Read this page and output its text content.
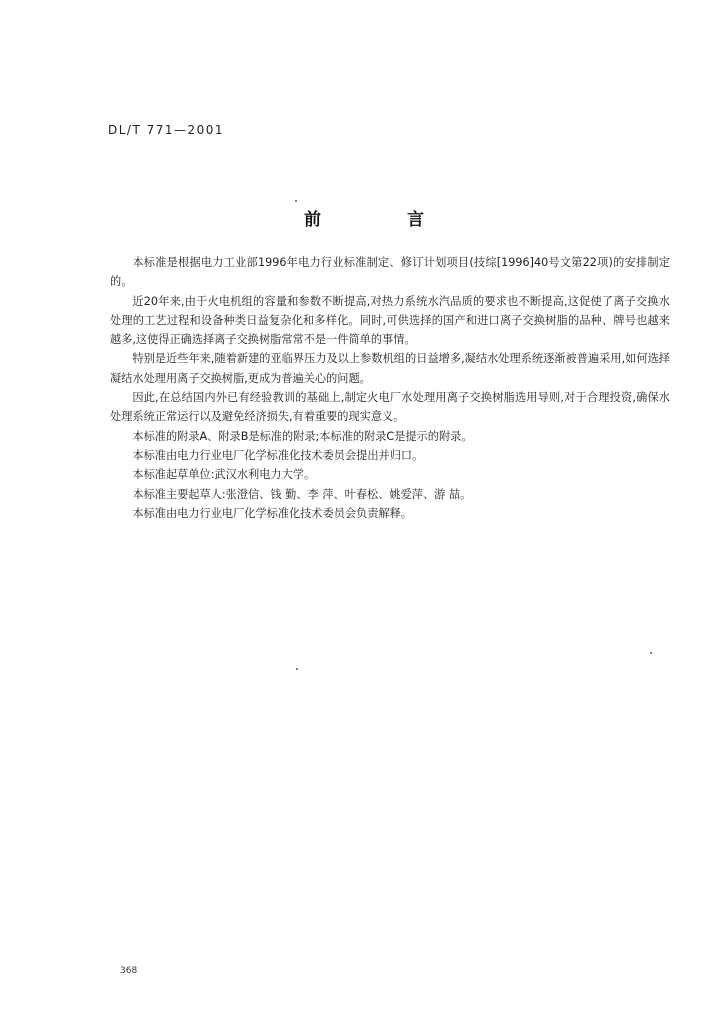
DL/T 771—2001
前 言

本标准是根据电力工业部1996年电力行业标准制定、修订计划项目(技综[1996]40号文第22项)的安排制定的。

近20年来,由于火电机组的容量和参数不断提高,对热力系统水汽品质的要求也不断提高,这促使了离子交换水处理的工艺过程和设备种类日益复杂化和多样化。同时,可供选择的国产和进口离子交换树脂的品种、牌号也越来越多,这使得正确选择离子交换树脂常常不是一件简单的事情。

特别是近些年来,随着新建的亚临界压力及以上参数机组的日益增多,凝结水处理系统逐渐被普遍采用,如何选择凝结水处理用离子交换树脂,更成为普遍关心的问题。

因此,在总结国内外已有经验教训的基础上,制定火电厂水处理用离子交换树脂选用导则,对于合理投资,确保水处理系统正常运行以及避免经济损失,有着重要的现实意义。

本标准的附录A、附录B是标准的附录;本标准的附录C是提示的附录。

本标准由电力行业电厂化学标准化技术委员会提出并归口。

本标准起草单位:武汉水利电力大学。

本标准主要起草人:张澄信、钱 勤、李 萍、叶春松、姚爱萍、游 喆。

本标准由电力行业电厂化学标准化技术委员会负责解释。

368
